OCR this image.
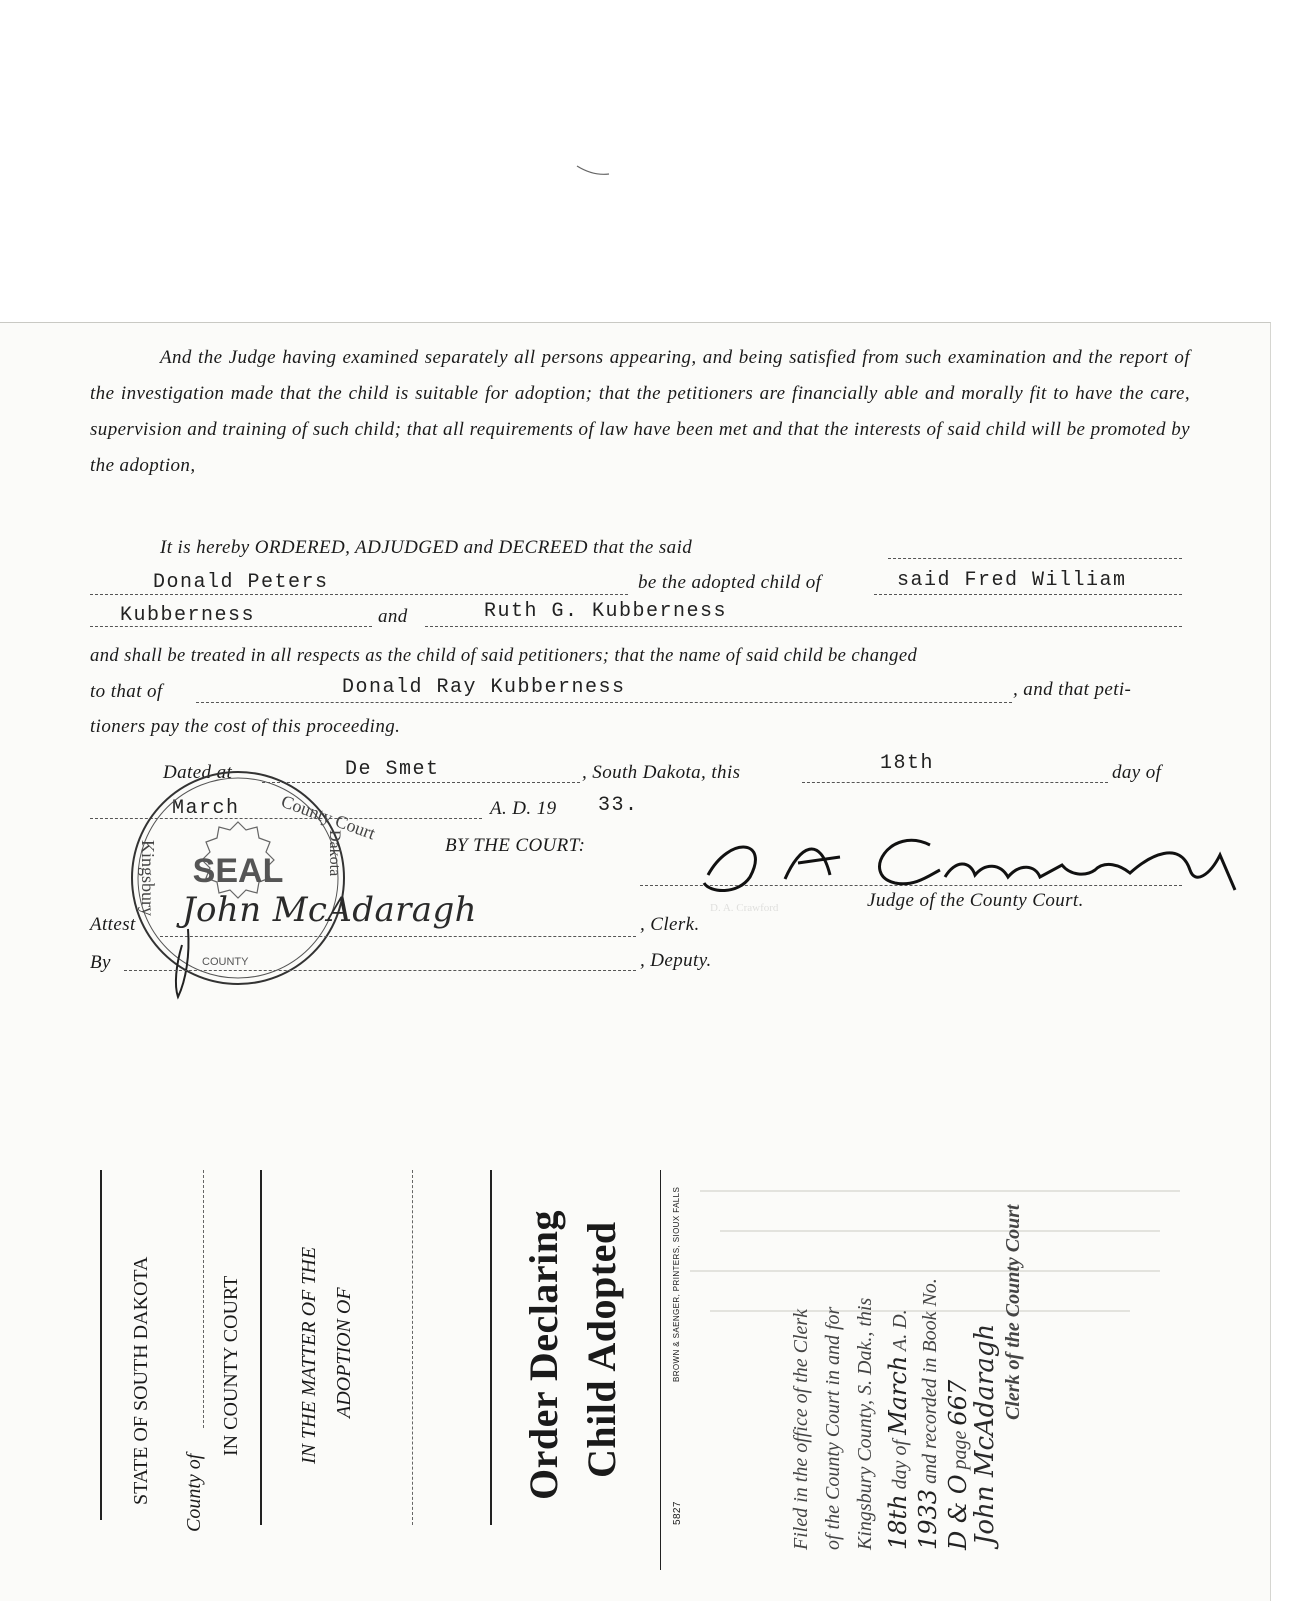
And the Judge having examined separately all persons appearing, and being satisfied from such examination and the report of the investigation made that the child is suitable for adoption; that the petitioners are financially able and morally fit to have the care, supervision and training of such child; that all requirements of law have been met and that the interests of said child will be promoted by the adoption,
It is hereby ORDERED, ADJUDGED and DECREED that the said
Donald Peters	be the adopted child of	said Fred William
Kubberness	and	Ruth G. Kubberness
and shall be treated in all respects as the child of said petitioners; that the name of said child be changed
to that of	Donald Ray Kubberness	, and that peti-
tioners pay the cost of this proceeding.
Dated at	De Smet	, South Dakota, this	18th	day of
March	A. D. 19 33.
BY THE COURT:
D. A. Crawford	Judge of the County Court.
SEAL
County Court
Kingsbury	Dakota
COUNTY
Attest John McAdaragh	, Clerk.
By	, Deputy.
STATE OF SOUTH DAKOTA County of
IN COUNTY COURT	IN THE MATTER OF THE ADOPTION OF	Order Declaring Child Adopted	BROWN & SAENGER, PRINTERS, SIOUX FALLS
5827	Filed in the office of the Clerk of the County Court in and for Kingsbury County, S. Dak., this 18th day of March A. D.
1933 and recorded in Book No.
D & O page 667
John McAdaragh
Clerk of the County Court
